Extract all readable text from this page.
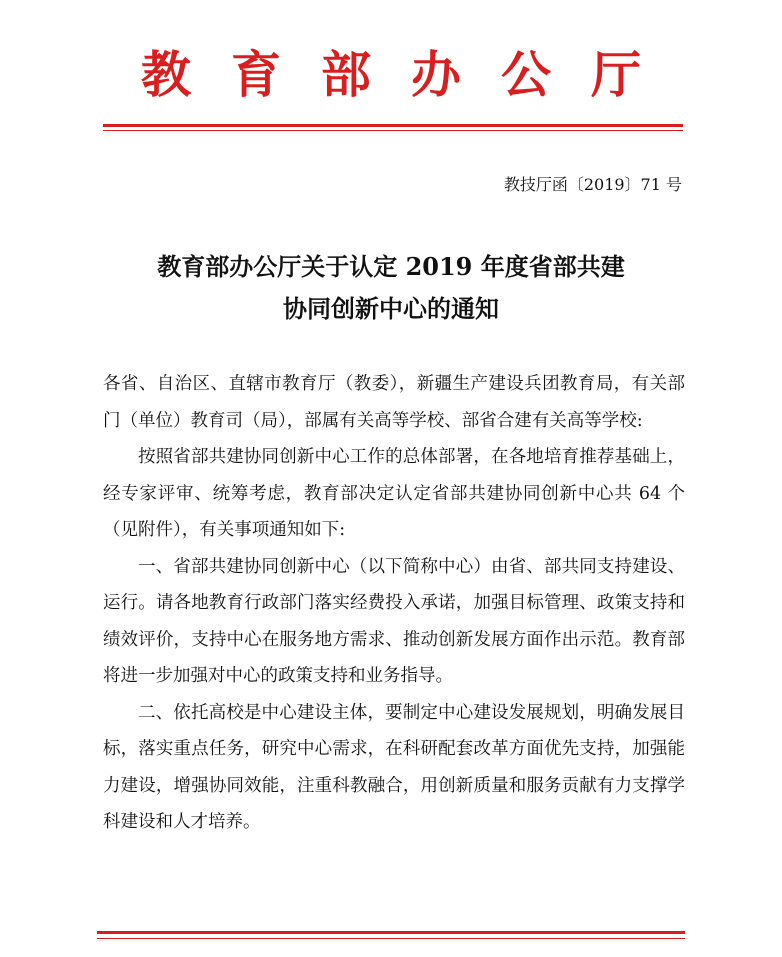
教育部办公厅
教技厅函〔2019〕71 号
教育部办公厅关于认定 2019 年度省部共建
协同创新中心的通知

各省、自治区、直辖市教育厅（教委），新疆生产建设兵团教育局，有关部门（单位）教育司（局），部属有关高等学校、部省合建有关高等学校:

按照省部共建协同创新中心工作的总体部署，在各地培育推荐基础上，经专家评审、统筹考虑，教育部决定认定省部共建协同创新中心共 64 个（见附件），有关事项通知如下:

一、省部共建协同创新中心（以下简称中心）由省、部共同支持建设、运行。请各地教育行政部门落实经费投入承诺，加强目标管理、政策支持和绩效评价，支持中心在服务地方需求、推动创新发展方面作出示范。教育部将进一步加强对中心的政策支持和业务指导。

二、依托高校是中心建设主体，要制定中心建设发展规划，明确发展目标，落实重点任务，研究中心需求，在科研配套改革方面优先支持，加强能力建设，增强协同效能，注重科教融合，用创新质量和服务贡献有力支撑学科建设和人才培养。
